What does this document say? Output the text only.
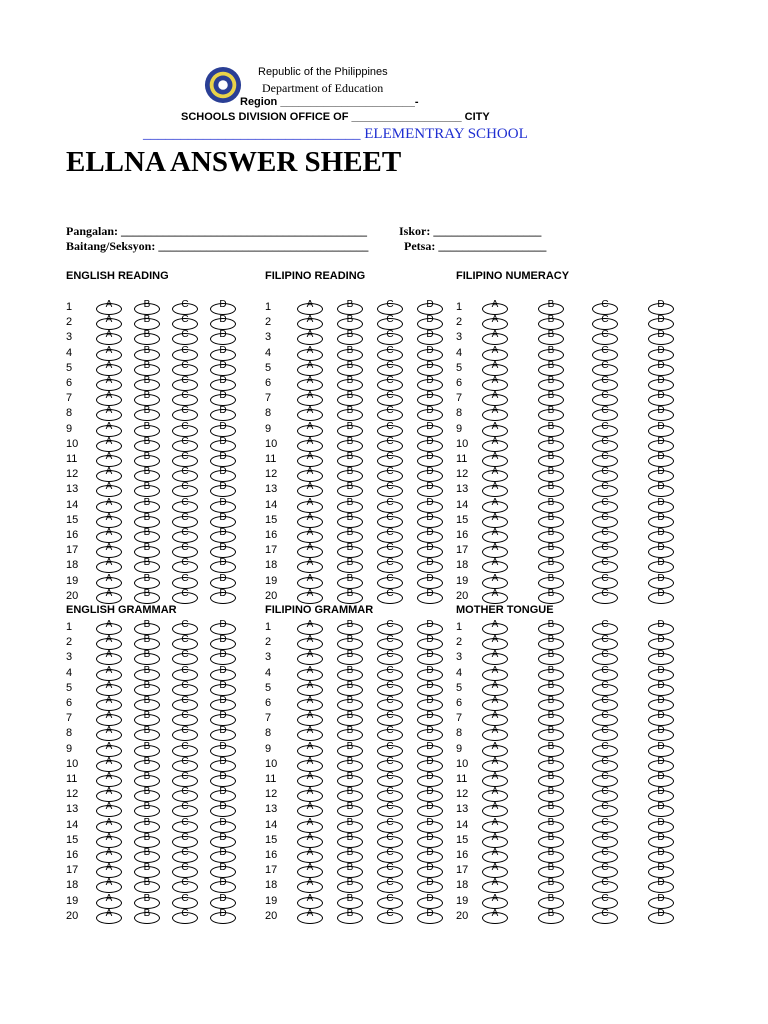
Republic of the Philippines
Department of Education
Region ______________________-
SCHOOLS DIVISION OFFICE OF __________________ CITY
_____________________________ ELEMENTRAY SCHOOL
ELLNA ANSWER SHEET
Pangalan: _________________________________________
Baitang/Seksyon: ___________________________________
Iskor: __________________
Petsa: __________________
ENGLISH READING	FILIPINO READING	FILIPINO NUMERACY
ENGLISH GRAMMAR	FILIPINO GRAMMAR	MOTHER TONGUE
1	A	B	C	D
2	A	B	C	D
3	A	B	C	D
4	A	B	C	D
5	A	B	C	D
6	A	B	C	D
7	A	B	C	D
8	A	B	C	D
9	A	B	C	D
10	A	B	C	D
11	A	B	C	D
12	A	B	C	D
13	A	B	C	D
14	A	B	C	D
15	A	B	C	D
16	A	B	C	D
17	A	B	C	D
18	A	B	C	D
19	A	B	C	D
20	A	B	C	D
1	A	B	C	D
2	A	B	C	D
3	A	B	C	D
4	A	B	C	D
5	A	B	C	D
6	A	B	C	D
7	A	B	C	D
8	A	B	C	D
9	A	B	C	D
10	A	B	C	D
11	A	B	C	D
12	A	B	C	D
13	A	B	C	D
14	A	B	C	D
15	A	B	C	D
16	A	B	C	D
17	A	B	C	D
18	A	B	C	D
19	A	B	C	D
20	A	B	C	D
1	A	B	C	D
2	A	B	C	D
3	A	B	C	D
4	A	B	C	D
5	A	B	C	D
6	A	B	C	D
7	A	B	C	D
8	A	B	C	D
9	A	B	C	D
10	A	B	C	D
11	A	B	C	D
12	A	B	C	D
13	A	B	C	D
14	A	B	C	D
15	A	B	C	D
16	A	B	C	D
17	A	B	C	D
18	A	B	C	D
19	A	B	C	D
20	A	B	C	D
1	A	B	C	D
2	A	B	C	D
3	A	B	C	D
4	A	B	C	D
5	A	B	C	D
6	A	B	C	D
7	A	B	C	D
8	A	B	C	D
9	A	B	C	D
10	A	B	C	D
11	A	B	C	D
12	A	B	C	D
13	A	B	C	D
14	A	B	C	D
15	A	B	C	D
16	A	B	C	D
17	A	B	C	D
18	A	B	C	D
19	A	B	C	D
20	A	B	C	D
1	A	B	C	D
2	A	B	C	D
3	A	B	C	D
4	A	B	C	D
5	A	B	C	D
6	A	B	C	D
7	A	B	C	D
8	A	B	C	D
9	A	B	C	D
10	A	B	C	D
11	A	B	C	D
12	A	B	C	D
13	A	B	C	D
14	A	B	C	D
15	A	B	C	D
16	A	B	C	D
17	A	B	C	D
18	A	B	C	D
19	A	B	C	D
20	A	B	C	D
1	A	B	C	D
2	A	B	C	D
3	A	B	C	D
4	A	B	C	D
5	A	B	C	D
6	A	B	C	D
7	A	B	C	D
8	A	B	C	D
9	A	B	C	D
10	A	B	C	D
11	A	B	C	D
12	A	B	C	D
13	A	B	C	D
14	A	B	C	D
15	A	B	C	D
16	A	B	C	D
17	A	B	C	D
18	A	B	C	D
19	A	B	C	D
20	A	B	C	D
